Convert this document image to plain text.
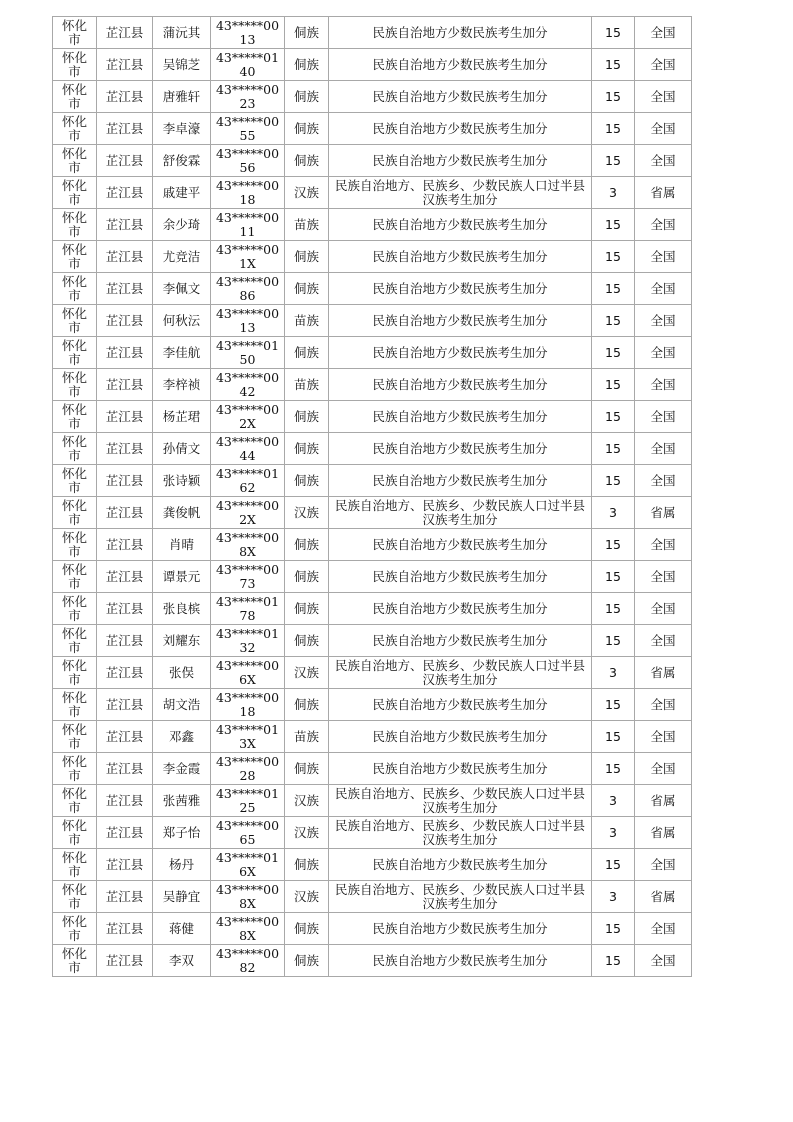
怀化市	芷江县	蒲沅其	43*****0013	侗族	民族自治地方少数民族考生加分	15	全国

怀化市	芷江县	吴锦芝	43*****0140	侗族	民族自治地方少数民族考生加分	15	全国

怀化市	芷江县	唐雅轩	43*****0023	侗族	民族自治地方少数民族考生加分	15	全国

怀化市	芷江县	李卓濠	43*****0055	侗族	民族自治地方少数民族考生加分	15	全国

怀化市	芷江县	舒俊霖	43*****0056	侗族	民族自治地方少数民族考生加分	15	全国

怀化市	芷江县	戚建平	43*****0018	汉族	民族自治地方、民族乡、少数民族人口过半县汉族考生加分	3	省属

怀化市	芷江县	余少琦	43*****0011	苗族	民族自治地方少数民族考生加分	15	全国

怀化市	芷江县	尤竞洁	43*****001X	侗族	民族自治地方少数民族考生加分	15	全国

怀化市	芷江县	李佩文	43*****0086	侗族	民族自治地方少数民族考生加分	15	全国

怀化市	芷江县	何秋沄	43*****0013	苗族	民族自治地方少数民族考生加分	15	全国

怀化市	芷江县	李佳航	43*****0150	侗族	民族自治地方少数民族考生加分	15	全国

怀化市	芷江县	李梓祯	43*****0042	苗族	民族自治地方少数民族考生加分	15	全国

怀化市	芷江县	杨芷珺	43*****002X	侗族	民族自治地方少数民族考生加分	15	全国

怀化市	芷江县	孙倩文	43*****0044	侗族	民族自治地方少数民族考生加分	15	全国

怀化市	芷江县	张诗颖	43*****0162	侗族	民族自治地方少数民族考生加分	15	全国

怀化市	芷江县	龚俊帆	43*****002X	汉族	民族自治地方、民族乡、少数民族人口过半县汉族考生加分	3	省属

怀化市	芷江县	肖晴	43*****008X	侗族	民族自治地方少数民族考生加分	15	全国

怀化市	芷江县	谭景元	43*****0073	侗族	民族自治地方少数民族考生加分	15	全国

怀化市	芷江县	张良槟	43*****0178	侗族	民族自治地方少数民族考生加分	15	全国

怀化市	芷江县	刘耀东	43*****0132	侗族	民族自治地方少数民族考生加分	15	全国

怀化市	芷江县	张俣	43*****006X	汉族	民族自治地方、民族乡、少数民族人口过半县汉族考生加分	3	省属

怀化市	芷江县	胡文浩	43*****0018	侗族	民族自治地方少数民族考生加分	15	全国

怀化市	芷江县	邓鑫	43*****013X	苗族	民族自治地方少数民族考生加分	15	全国

怀化市	芷江县	李金霞	43*****0028	侗族	民族自治地方少数民族考生加分	15	全国

怀化市	芷江县	张茜雅	43*****0125	汉族	民族自治地方、民族乡、少数民族人口过半县汉族考生加分	3	省属

怀化市	芷江县	郑子怡	43*****0065	汉族	民族自治地方、民族乡、少数民族人口过半县汉族考生加分	3	省属

怀化市	芷江县	杨丹	43*****016X	侗族	民族自治地方少数民族考生加分	15	全国

怀化市	芷江县	吴静宜	43*****008X	汉族	民族自治地方、民族乡、少数民族人口过半县汉族考生加分	3	省属

怀化市	芷江县	蒋健	43*****008X	侗族	民族自治地方少数民族考生加分	15	全国

怀化市	芷江县	李双	43*****0082	侗族	民族自治地方少数民族考生加分	15	全国
